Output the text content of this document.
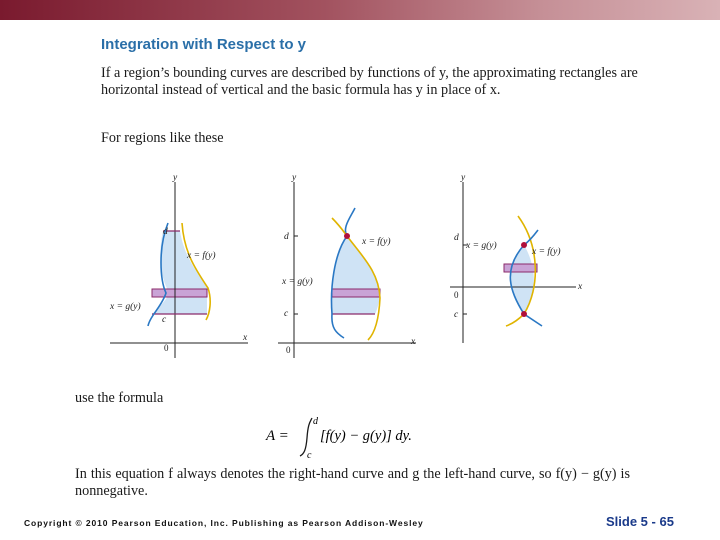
Integration with Respect to y
If a region’s bounding curves are described by functions of y, the approximating rectangles are horizontal instead of vertical and the basic formula has y in place of x.
For regions like these
y
x
0
d
c
x = f(y)
x = g(y)
y
x
0
d
c
x = f(y)
x = g(y)
y
x
0
d
c
x = g(y)
x = f(y)
use the formula
A =
d
c
[f(y) − g(y)] dy.
In this equation f always denotes the right-hand curve and g the left-hand curve, so f(y) − g(y) is nonnegative.
Copyright © 2010 Pearson Education, Inc. Publishing as Pearson Addison-Wesley	Slide 5 - 65
